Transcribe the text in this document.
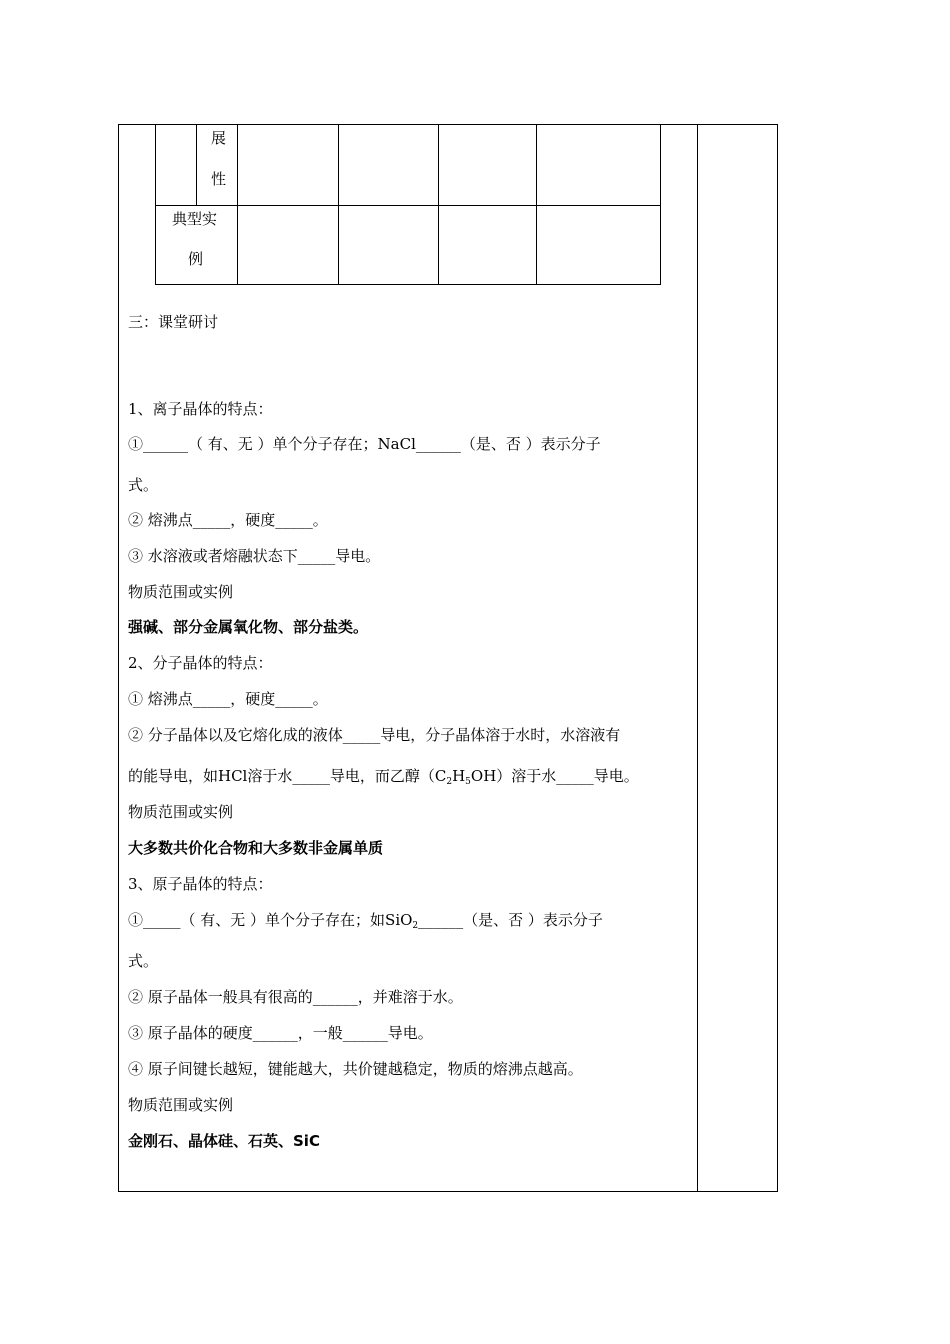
展
性
典型实
例
三：课堂研讨
1、离子晶体的特点：
①______（ 有、无 ）单个分子存在；NaCl______（是、否 ）表示分子
式。
② 熔沸点_____，硬度_____。
③ 水溶液或者熔融状态下_____导电。
物质范围或实例
强碱、部分金属氧化物、部分盐类。
2、分子晶体的特点：
① 熔沸点_____，硬度_____。
② 分子晶体以及它熔化成的液体_____导电，分子晶体溶于水时，水溶液有
的能导电，如HCl溶于水_____导电，而乙醇$(C_2H_5OH)$溶于水_____导电。
物质范围或实例
大多数共价化合物和大多数非金属单质
3、原子晶体的特点：
①_____（ 有、无 ）单个分子存在；如SiO$_2$______（是、否 ）表示分子
式。
② 原子晶体一般具有很高的______，并难溶于水。
③ 原子晶体的硬度______，一般______导电。
④ 原子间键长越短，键能越大，共价键越稳定，物质的熔沸点越高。
物质范围或实例
金刚石、晶体硅、石英、SiC
